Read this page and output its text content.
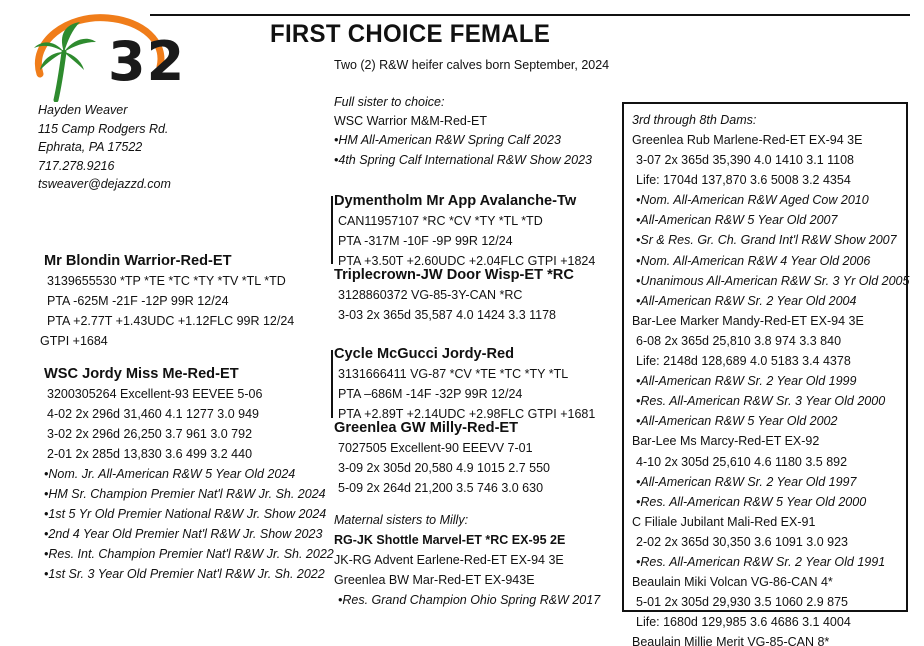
32	FIRST CHOICE FEMALE
Two (2) R&W heifer calves born September, 2024
Hayden Weaver
115 Camp Rodgers Rd.
Ephrata, PA 17522
717.278.9216
tsweaver@dejazzd.com
Full sister to choice:
WSC Warrior M&M-Red-ET
•HM All-American R&W Spring Calf 2023
•4th Spring Calf International R&W Show 2023
Mr Blondin Warrior-Red-ET
3139655530 *TP *TE *TC *TY *TV *TL *TD
PTA -625M -21F -12P 99R 12/24
PTA +2.77T +1.43UDC +1.12FLC 99R 12/24
GTPI +1684
WSC Jordy Miss Me-Red-ET
3200305264 Excellent-93 EEVEE 5-06
4-02 2x 296d 31,460 4.1 1277 3.0 949
3-02 2x 296d 26,250 3.7 961 3.0 792
2-01 2x 285d 13,830 3.6 499 3.2 440
•Nom. Jr. All-American R&W 5 Year Old 2024
•HM Sr. Champion Premier Nat'l R&W Jr. Sh. 2024
•1st 5 Yr Old Premier National R&W Jr. Show 2024
•2nd 4 Year Old Premier Nat'l R&W Jr. Show 2023
•Res. Int. Champion Premier Nat'l R&W Jr. Sh. 2022
•1st Sr. 3 Year Old Premier Nat'l R&W Jr. Sh. 2022
Dymentholm Mr App Avalanche-Tw
CAN11957107 *RC *CV *TY *TL *TD
PTA -317M -10F -9P 99R 12/24
PTA +3.50T +2.60UDC +2.04FLC GTPI +1824
Triplecrown-JW Door Wisp-ET *RC
3128860372 VG-85-3Y-CAN *RC
3-03 2x 365d 35,587 4.0 1424 3.3 1178
Cycle McGucci Jordy-Red
3131666411 VG-87 *CV *TE *TC *TY *TL
PTA –686M -14F -32P 99R 12/24
PTA +2.89T +2.14UDC +2.98FLC GTPI +1681
Greenlea GW Milly-Red-ET
7027505 Excellent-90 EEEVV 7-01
3-09 2x 305d 20,580 4.9 1015 2.7 550
5-09 2x 264d 21,200 3.5 746 3.0 630
Maternal sisters to Milly:
RG-JK Shottle Marvel-ET *RC EX-95 2E
JK-RG Advent Earlene-Red-ET EX-94 3E
Greenlea BW Mar-Red-ET EX-943E
•Res. Grand Champion Ohio Spring R&W 2017
3rd through 8th Dams:
Greenlea Rub Marlene-Red-ET EX-94 3E
3-07 2x 365d 35,390 4.0 1410 3.1 1108
Life: 1704d 137,870 3.6 5008 3.2 4354
•Nom. All-American R&W Aged Cow 2010
•All-American R&W 5 Year Old 2007
•Sr & Res. Gr. Ch. Grand Int'l R&W Show 2007
•Nom. All-American R&W 4 Year Old 2006
•Unanimous All-American R&W Sr. 3 Yr Old 2005
•All-American R&W Sr. 2 Year Old 2004
Bar-Lee Marker Mandy-Red-ET EX-94 3E
6-08 2x 365d 25,810 3.8 974 3.3 840
Life: 2148d 128,689 4.0 5183 3.4 4378
•All-American R&W Sr. 2 Year Old 1999
•Res. All-American R&W Sr. 3 Year Old 2000
•All-American R&W 5 Year Old 2002
Bar-Lee Ms Marcy-Red-ET EX-92
4-10 2x 305d 25,610 4.6 1180 3.5 892
•All-American R&W Sr. 2 Year Old 1997
•Res. All-American R&W 5 Year Old 2000
C Filiale Jubilant Mali-Red EX-91
2-02 2x 365d 30,350 3.6 1091 3.0 923
•Res. All-American R&W Sr. 2 Year Old 1991
Beaulain Miki Volcan VG-86-CAN 4*
5-01 2x 305d 29,930 3.5 1060 2.9 875
Life: 1680d 129,985 3.6 4686 3.1 4004
Beaulain Millie Merit VG-85-CAN 8*
